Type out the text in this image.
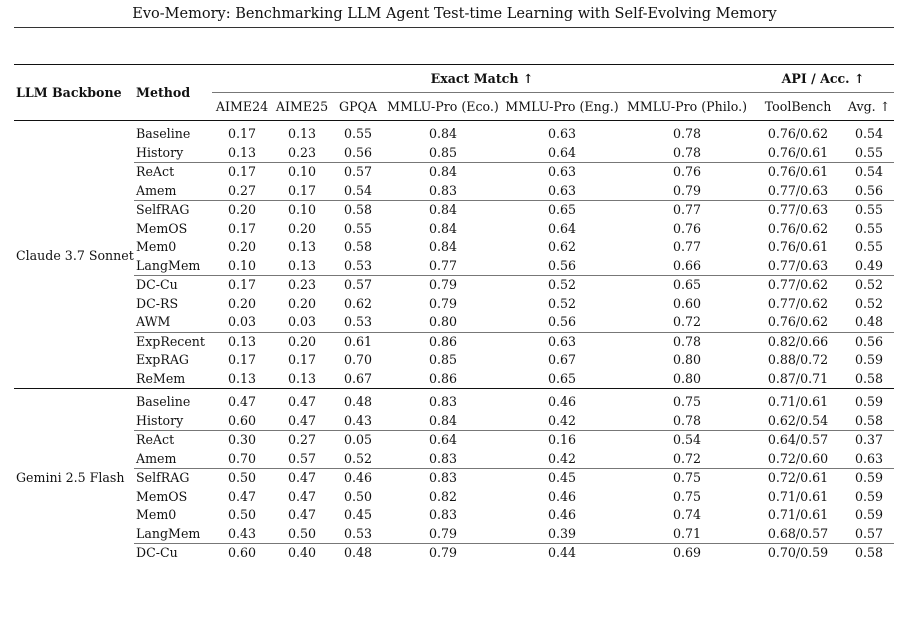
Evo-Memory: Benchmarking LLM Agent Test-time Learning with Self-Evolving Memory
LLM Backbone	Method	Exact Match ↑						API / Acc. ↑	
		AIME24	AIME25	GPQA	MMLU-Pro (Eco.)	MMLU-Pro (Eng.)	MMLU-Pro (Philo.)	ToolBench	Avg. ↑
Claude 3.7 Sonnet	Baseline	0.17	0.13	0.55	0.84	0.63	0.78	0.76/0.62	0.54
	History	0.13	0.23	0.56	0.85	0.64	0.78	0.76/0.61	0.55
	ReAct	0.17	0.10	0.57	0.84	0.63	0.76	0.76/0.61	0.54
	Amem	0.27	0.17	0.54	0.83	0.63	0.79	0.77/0.63	0.56
	SelfRAG	0.20	0.10	0.58	0.84	0.65	0.77	0.77/0.63	0.55
	MemOS	0.17	0.20	0.55	0.84	0.64	0.76	0.76/0.62	0.55
	Mem0	0.20	0.13	0.58	0.84	0.62	0.77	0.76/0.61	0.55
	LangMem	0.10	0.13	0.53	0.77	0.56	0.66	0.77/0.63	0.49
	DC-Cu	0.17	0.23	0.57	0.79	0.52	0.65	0.77/0.62	0.52
	DC-RS	0.20	0.20	0.62	0.79	0.52	0.60	0.77/0.62	0.52
	AWM	0.03	0.03	0.53	0.80	0.56	0.72	0.76/0.62	0.48
	ExpRecent	0.13	0.20	0.61	0.86	0.63	0.78	0.82/0.66	0.56
	ExpRAG	0.17	0.17	0.70	0.85	0.67	0.80	0.88/0.72	0.59
	ReMem	0.13	0.13	0.67	0.86	0.65	0.80	0.87/0.71	0.58
Gemini 2.5 Flash	Baseline	0.47	0.47	0.48	0.83	0.46	0.75	0.71/0.61	0.59
	History	0.60	0.47	0.43	0.84	0.42	0.78	0.62/0.54	0.58
	ReAct	0.30	0.27	0.05	0.64	0.16	0.54	0.64/0.57	0.37
	Amem	0.70	0.57	0.52	0.83	0.42	0.72	0.72/0.60	0.63
	SelfRAG	0.50	0.47	0.46	0.83	0.45	0.75	0.72/0.61	0.59
	MemOS	0.47	0.47	0.50	0.82	0.46	0.75	0.71/0.61	0.59
	Mem0	0.50	0.47	0.45	0.83	0.46	0.74	0.71/0.61	0.59
	LangMem	0.43	0.50	0.53	0.79	0.39	0.71	0.68/0.57	0.57
	DC-Cu	0.60	0.40	0.48	0.79	0.44	0.69	0.70/0.59	0.58
